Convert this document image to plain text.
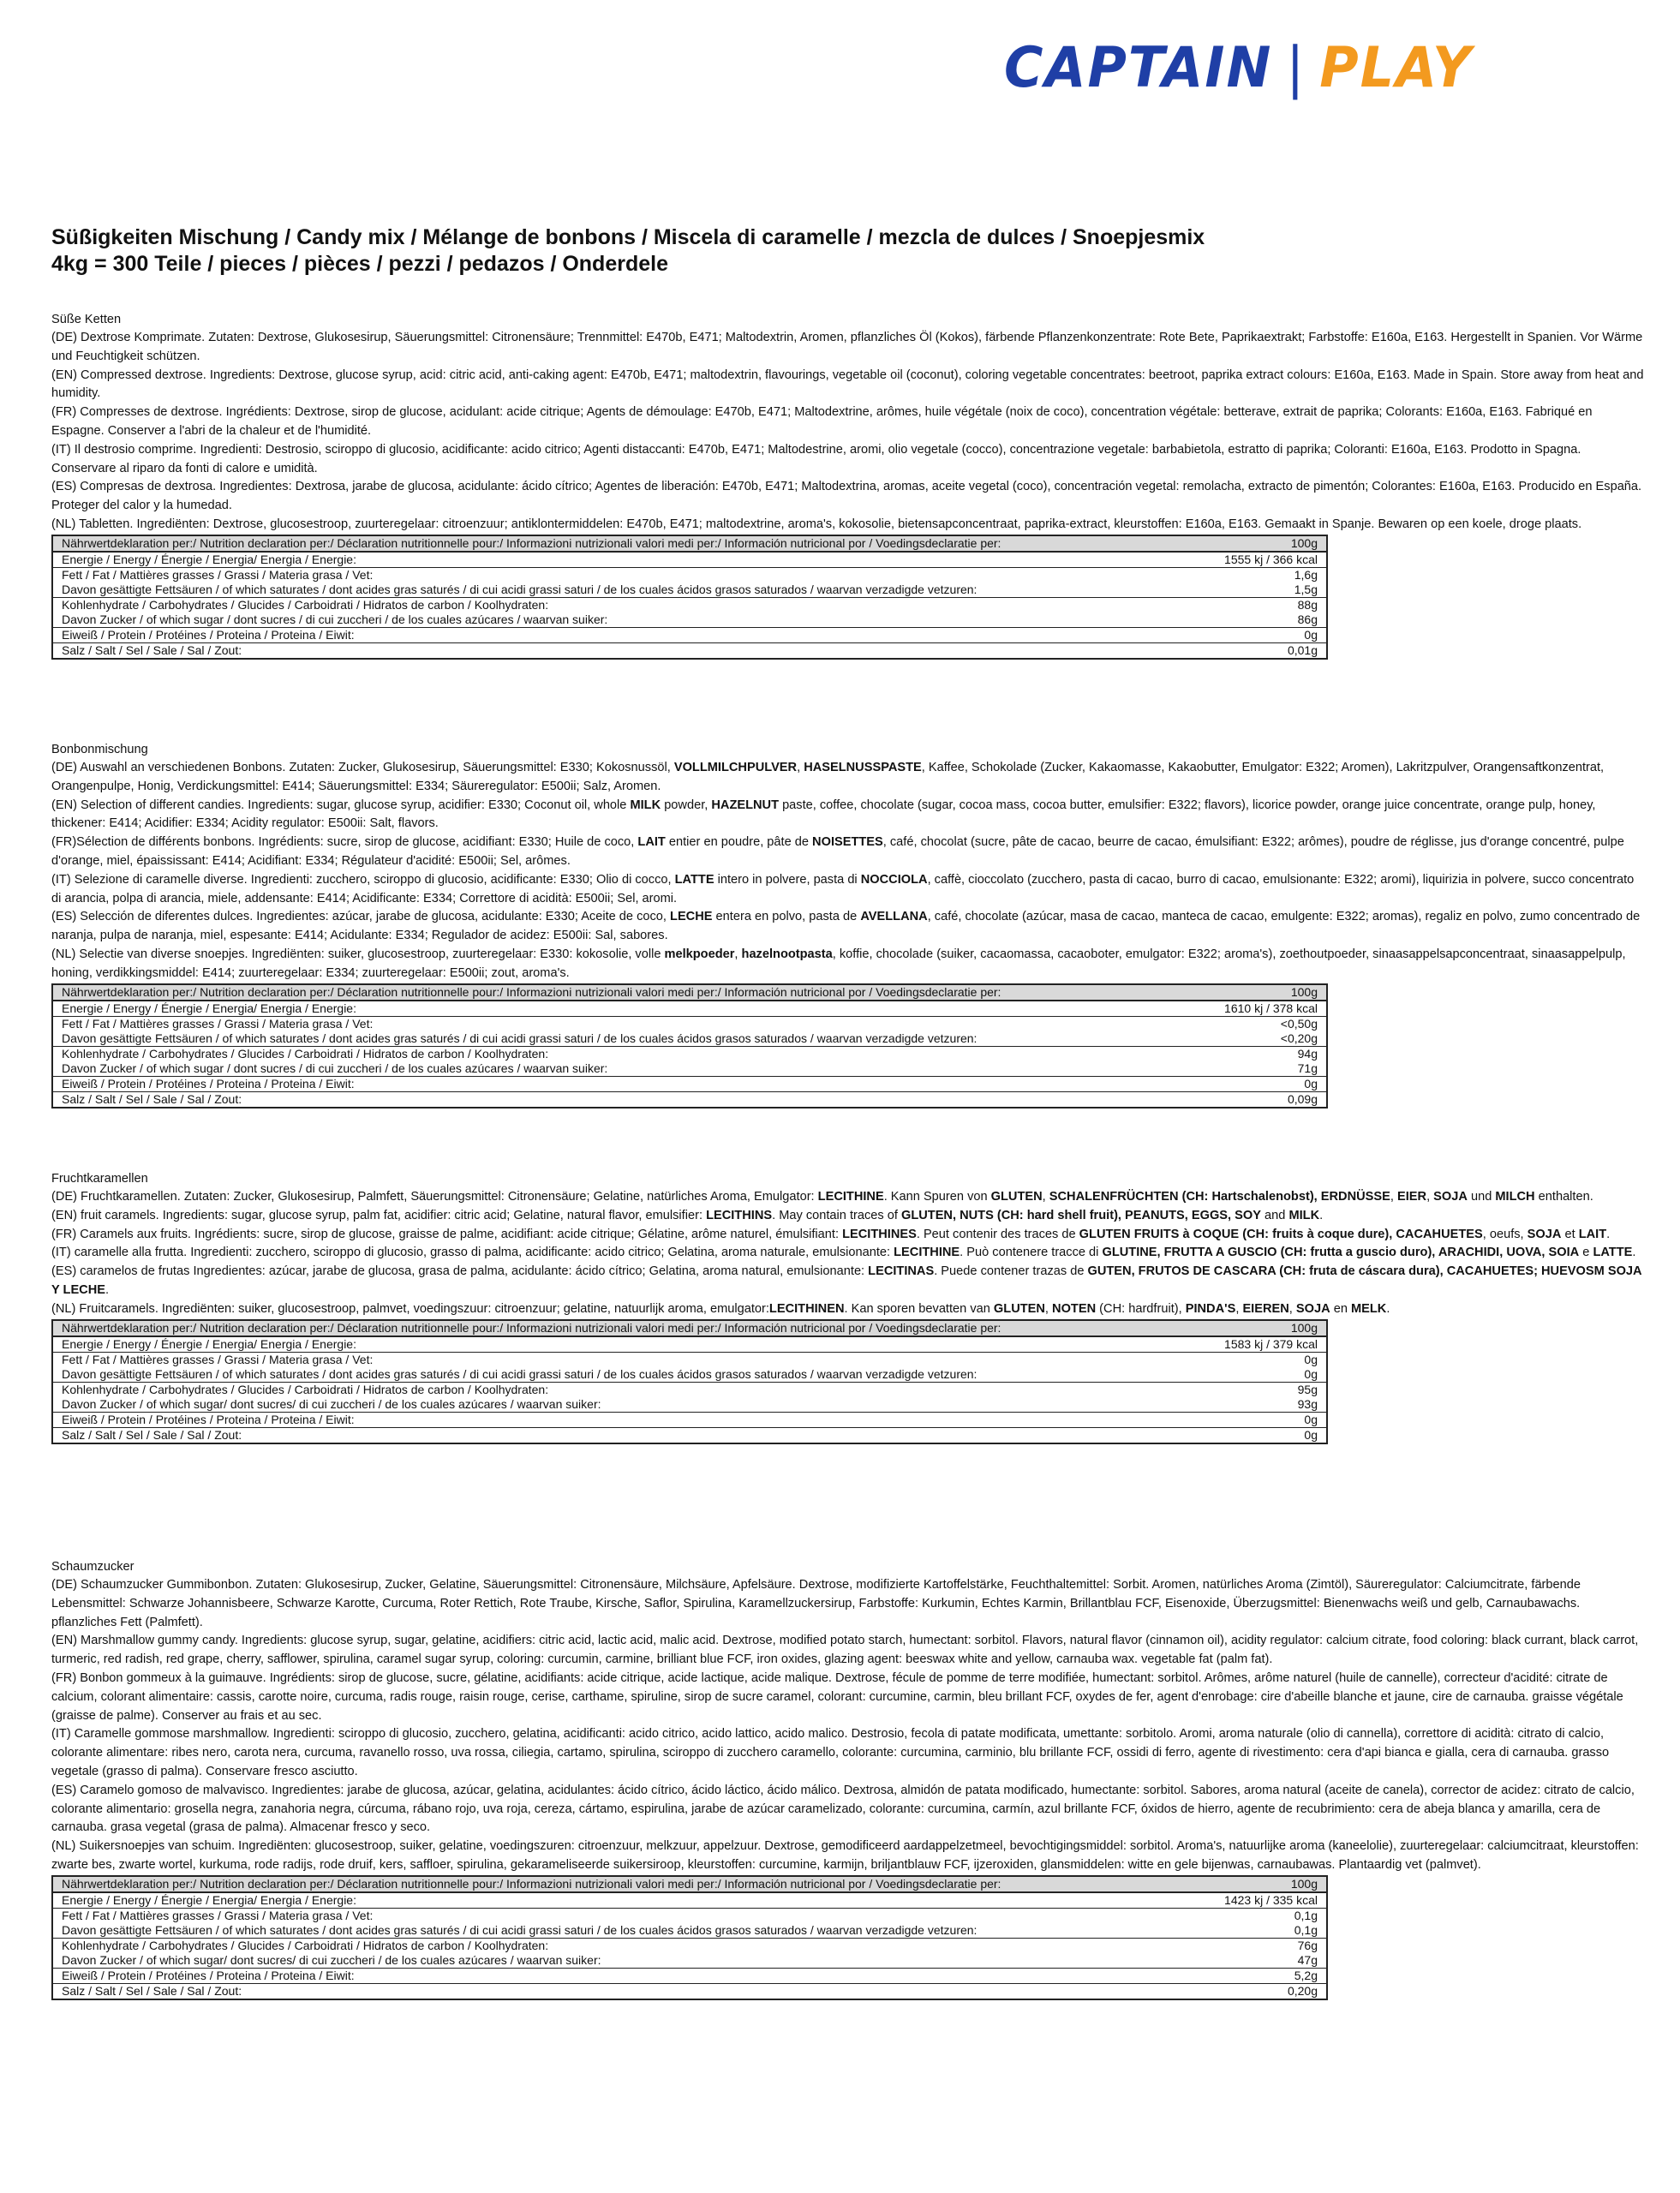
CAPTAIN | PLAY
Süßigkeiten Mischung / Candy mix / Mélange de bonbons / Miscela di caramelle / mezcla de dulces / Snoepjesmix
4kg = 300 Teile / pieces / pièces / pezzi / pedazos / Onderdele
Süße Ketten
(DE) Dextrose Komprimate. Zutaten: Dextrose, Glukosesirup, Säuerungsmittel: Citronensäure; Trennmittel: E470b, E471; Maltodextrin, Aromen, pflanzliches Öl (Kokos), färbende Pflanzenkonzentrate: Rote Bete, Paprikaextrakt; Farbstoffe: E160a, E163. Hergestellt in Spanien. Vor Wärme und Feuchtigkeit schützen.
(EN) Compressed dextrose. Ingredients: Dextrose, glucose syrup, acid: citric acid, anti-caking agent: E470b, E471; maltodextrin, flavourings, vegetable oil (coconut), coloring vegetable concentrates: beetroot, paprika extract colours: E160a, E163. Made in Spain. Store away from heat and humidity.
(FR) Compresses de dextrose. Ingrédients: Dextrose, sirop de glucose, acidulant: acide citrique; Agents de démoulage: E470b, E471; Maltodextrine, arômes, huile végétale (noix de coco), concentration végétale: betterave, extrait de paprika; Colorants: E160a, E163. Fabriqué en Espagne. Conserver a l'abri de la chaleur et de l'humidité.
(IT) Il destrosio comprime. Ingredienti: Destrosio, sciroppo di glucosio, acidificante: acido citrico; Agenti distaccanti: E470b, E471; Maltodestrine, aromi, olio vegetale (cocco), concentrazione vegetale: barbabietola, estratto di paprika; Coloranti: E160a, E163. Prodotto in Spagna. Conservare al riparo da fonti di calore e umidità.
(ES) Compresas de dextrosa. Ingredientes: Dextrosa, jarabe de glucosa, acidulante: ácido cítrico; Agentes de liberación: E470b, E471; Maltodextrina, aromas, aceite vegetal (coco), concentración vegetal: remolacha, extracto de pimentón; Colorantes: E160a, E163. Producido en España. Proteger del calor y la humedad.
(NL) Tabletten. Ingrediënten: Dextrose, glucosestroop, zuurteregelaar: citroenzuur; antiklontermiddelen: E470b, E471; maltodextrine, aroma's, kokosolie, bietensapconcentraat, paprika-extract, kleurstoffen: E160a, E163. Gemaakt in Spanje. Bewaren op een koele, droge plaats.
Nährwertdeklaration per:/ Nutrition declaration per:/ Déclaration nutritionnelle pour:/ Informazioni nutrizionali valori medi per:/ Información nutricional por / Voedingsdeclaratie per:	100g
Energie / Energy / Énergie / Energia/ Energia / Energie:	1555 kj / 366 kcal
Fett / Fat / Mattières grasses / Grassi / Materia grasa / Vet:	1,6g
Davon gesättigte Fettsäuren / of which saturates / dont acides gras saturés / di cui acidi grassi saturi / de los cuales ácidos grasos saturados / waarvan verzadigde vetzuren:	1,5g
Kohlenhydrate / Carbohydrates / Glucides / Carboidrati / Hidratos de carbon / Koolhydraten:	88g
Davon Zucker / of which sugar / dont sucres / di cui zuccheri / de los cuales azúcares / waarvan suiker:	86g
Eiweiß / Protein / Protéines / Proteina / Proteina / Eiwit:	0g
Salz / Salt / Sel / Sale / Sal / Zout:	0,01g
Bonbonmischung
(DE) Auswahl an verschiedenen Bonbons. Zutaten: Zucker, Glukosesirup, Säuerungsmittel: E330; Kokosnussöl, VOLLMILCHPULVER, HASELNUSSPASTE, Kaffee, Schokolade (Zucker, Kakaomasse, Kakaobutter, Emulgator: E322; Aromen), Lakritzpulver, Orangensaftkonzentrat, Orangenpulpe, Honig, Verdickungsmittel: E414; Säuerungsmittel: E334; Säureregulator: E500ii; Salz, Aromen.
(EN) Selection of different candies. Ingredients: sugar, glucose syrup, acidifier: E330; Coconut oil, whole MILK powder, HAZELNUT paste, coffee, chocolate (sugar, cocoa mass, cocoa butter, emulsifier: E322; flavors), licorice powder, orange juice concentrate, orange pulp, honey, thickener: E414; Acidifier: E334; Acidity regulator: E500ii: Salt, flavors.
(FR)Sélection de différents bonbons. Ingrédients: sucre, sirop de glucose, acidifiant: E330; Huile de coco, LAIT entier en poudre, pâte de NOISETTES, café, chocolat (sucre, pâte de cacao, beurre de cacao, émulsifiant: E322; arômes), poudre de réglisse, jus d'orange concentré, pulpe d'orange, miel, épaississant: E414; Acidifiant: E334; Régulateur d'acidité: E500ii; Sel, arômes.
(IT) Selezione di caramelle diverse. Ingredienti: zucchero, sciroppo di glucosio, acidificante: E330; Olio di cocco, LATTE intero in polvere, pasta di NOCCIOLA, caffè, cioccolato (zucchero, pasta di cacao, burro di cacao, emulsionante: E322; aromi), liquirizia in polvere, succo concentrato di arancia, polpa di arancia, miele, addensante: E414; Acidificante: E334; Correttore di acidità: E500ii; Sel, aromi.
(ES) Selección de diferentes dulces. Ingredientes: azúcar, jarabe de glucosa, acidulante: E330; Aceite de coco, LECHE entera en polvo, pasta de AVELLANA, café, chocolate (azúcar, masa de cacao, manteca de cacao, emulgente: E322; aromas), regaliz en polvo, zumo concentrado de naranja, pulpa de naranja, miel, espesante: E414; Acidulante: E334; Regulador de acidez: E500ii: Sal, sabores.
(NL) Selectie van diverse snoepjes. Ingrediënten: suiker, glucosestroop, zuurteregelaar: E330: kokosolie, volle melkpoeder, hazelnootpasta, koffie, chocolade (suiker, cacaomassa, cacaoboter, emulgator: E322; aroma's), zoethoutpoeder, sinaasappelsapconcentraat, sinaasappelpulp, honing, verdikkingsmiddel: E414; zuurteregelaar: E334; zuurteregelaar: E500ii; zout, aroma's.
Nährwertdeklaration per:/ Nutrition declaration per:/ Déclaration nutritionnelle pour:/ Informazioni nutrizionali valori medi per:/ Información nutricional por / Voedingsdeclaratie per:	100g
Energie / Energy / Énergie / Energia/ Energia / Energie:	1610 kj / 378 kcal
Fett / Fat / Mattières grasses / Grassi / Materia grasa / Vet:	<0,50g
Davon gesättigte Fettsäuren / of which saturates / dont acides gras saturés / di cui acidi grassi saturi / de los cuales ácidos grasos saturados / waarvan verzadigde vetzuren:	<0,20g
Kohlenhydrate / Carbohydrates / Glucides / Carboidrati / Hidratos de carbon / Koolhydraten:	94g
Davon Zucker / of which sugar / dont sucres / di cui zuccheri / de los cuales azúcares / waarvan suiker:	71g
Eiweiß / Protein / Protéines / Proteina / Proteina / Eiwit:	0g
Salz / Salt / Sel / Sale / Sal / Zout:	0,09g
Fruchtkaramellen
(DE) Fruchtkaramellen. Zutaten: Zucker, Glukosesirup, Palmfett, Säuerungsmittel: Citronensäure; Gelatine, natürliches Aroma, Emulgator: LECITHINE. Kann Spuren von GLUTEN, SCHALENFRÜCHTEN (CH: Hartschalenobst), ERDNÜSSE, EIER, SOJA und MILCH enthalten.
(EN) fruit caramels. Ingredients: sugar, glucose syrup, palm fat, acidifier: citric acid; Gelatine, natural flavor, emulsifier: LECITHINS. May contain traces of GLUTEN, NUTS (CH: hard shell fruit), PEANUTS, EGGS, SOY and MILK.
(FR) Caramels aux fruits. Ingrédients: sucre, sirop de glucose, graisse de palme, acidifiant: acide citrique; Gélatine, arôme naturel, émulsifiant: LECITHINES. Peut contenir des traces de GLUTEN FRUITS à COQUE (CH: fruits à coque dure), CACAHUETES, oeufs, SOJA et LAIT.
(IT) caramelle alla frutta. Ingredienti: zucchero, sciroppo di glucosio, grasso di palma, acidificante: acido citrico; Gelatina, aroma naturale, emulsionante: LECITHINE. Può contenere tracce di GLUTINE, FRUTTA A GUSCIO (CH: frutta a guscio duro), ARACHIDI, UOVA, SOIA e LATTE.
(ES) caramelos de frutas Ingredientes: azúcar, jarabe de glucosa, grasa de palma, acidulante: ácido cítrico; Gelatina, aroma natural, emulsionante: LECITINAS. Puede contener trazas de GUTEN, FRUTOS DE CASCARA (CH: fruta de cáscara dura), CACAHUETES; HUEVOSM SOJA Y LECHE.
(NL) Fruitcaramels. Ingrediënten: suiker, glucosestroop, palmvet, voedingszuur: citroenzuur; gelatine, natuurlijk aroma, emulgator:LECITHINEN. Kan sporen bevatten van GLUTEN, NOTEN (CH: hardfruit), PINDA'S, EIEREN, SOJA en MELK.
Nährwertdeklaration per:/ Nutrition declaration per:/ Déclaration nutritionnelle pour:/ Informazioni nutrizionali valori medi per:/ Información nutricional por / Voedingsdeclaratie per:	100g
Energie / Energy / Énergie / Energia/ Energia / Energie:	1583 kj / 379 kcal
Fett / Fat / Mattières grasses / Grassi / Materia grasa / Vet:	0g
Davon gesättigte Fettsäuren / of which saturates / dont acides gras saturés / di cui acidi grassi saturi / de los cuales ácidos grasos saturados / waarvan verzadigde vetzuren:	0g
Kohlenhydrate / Carbohydrates / Glucides / Carboidrati / Hidratos de carbon / Koolhydraten:	95g
Davon Zucker / of which sugar/ dont sucres/ di cui zuccheri / de los cuales azúcares / waarvan suiker:	93g
Eiweiß / Protein / Protéines / Proteina / Proteina / Eiwit:	0g
Salz / Salt / Sel / Sale / Sal / Zout:	0g
Schaumzucker
(DE) Schaumzucker Gummibonbon. Zutaten: Glukosesirup, Zucker, Gelatine, Säuerungsmittel: Citronensäure, Milchsäure, Apfelsäure. Dextrose, modifizierte Kartoffelstärke, Feuchthaltemittel: Sorbit. Aromen, natürliches Aroma (Zimtöl), Säureregulator: Calciumcitrate, färbende Lebensmittel: Schwarze Johannisbeere, Schwarze Karotte, Curcuma, Roter Rettich, Rote Traube, Kirsche, Saflor, Spirulina, Karamellzuckersirup, Farbstoffe: Kurkumin, Echtes Karmin, Brillantblau FCF, Eisenoxide, Überzugsmittel: Bienenwachs weiß und gelb, Carnaubawachs. pflanzliches Fett (Palmfett).
(EN) Marshmallow gummy candy. Ingredients: glucose syrup, sugar, gelatine, acidifiers: citric acid, lactic acid, malic acid. Dextrose, modified potato starch, humectant: sorbitol. Flavors, natural flavor (cinnamon oil), acidity regulator: calcium citrate, food coloring: black currant, black carrot, turmeric, red radish, red grape, cherry, safflower, spirulina, caramel sugar syrup, coloring: curcumin, carmine, brilliant blue FCF, iron oxides, glazing agent: beeswax white and yellow, carnauba wax. vegetable fat (palm fat).
(FR) Bonbon gommeux à la guimauve. Ingrédients: sirop de glucose, sucre, gélatine, acidifiants: acide citrique, acide lactique, acide malique. Dextrose, fécule de pomme de terre modifiée, humectant: sorbitol. Arômes, arôme naturel (huile de cannelle), correcteur d'acidité: citrate de calcium, colorant alimentaire: cassis, carotte noire, curcuma, radis rouge, raisin rouge, cerise, carthame, spiruline, sirop de sucre caramel, colorant: curcumine, carmin, bleu brillant FCF, oxydes de fer, agent d'enrobage: cire d'abeille blanche et jaune, cire de carnauba. graisse végétale (graisse de palme). Conserver au frais et au sec.
(IT) Caramelle gommose marshmallow. Ingredienti: sciroppo di glucosio, zucchero, gelatina, acidificanti: acido citrico, acido lattico, acido malico. Destrosio, fecola di patate modificata, umettante: sorbitolo. Aromi, aroma naturale (olio di cannella), correttore di acidità: citrato di calcio, colorante alimentare: ribes nero, carota nera, curcuma, ravanello rosso, uva rossa, ciliegia, cartamo, spirulina, sciroppo di zucchero caramello, colorante: curcumina, carminio, blu brillante FCF, ossidi di ferro, agente di rivestimento: cera d'api bianca e gialla, cera di carnauba. grasso vegetale (grasso di palma). Conservare fresco asciutto.
(ES) Caramelo gomoso de malvavisco. Ingredientes: jarabe de glucosa, azúcar, gelatina, acidulantes: ácido cítrico, ácido láctico, ácido málico. Dextrosa, almidón de patata modificado, humectante: sorbitol. Sabores, aroma natural (aceite de canela), corrector de acidez: citrato de calcio, colorante alimentario: grosella negra, zanahoria negra, cúrcuma, rábano rojo, uva roja, cereza, cártamo, espirulina, jarabe de azúcar caramelizado, colorante: curcumina, carmín, azul brillante FCF, óxidos de hierro, agente de recubrimiento: cera de abeja blanca y amarilla, cera de carnauba. grasa vegetal (grasa de palma). Almacenar fresco y seco.
(NL) Suikersnoepjes van schuim. Ingrediënten: glucosestroop, suiker, gelatine, voedingszuren: citroenzuur, melkzuur, appelzuur. Dextrose, gemodificeerd aardappelzetmeel, bevochtigingsmiddel: sorbitol. Aroma's, natuurlijke aroma (kaneelolie), zuurteregelaar: calciumcitraat, kleurstoffen: zwarte bes, zwarte wortel, kurkuma, rode radijs, rode druif, kers, saffloer, spirulina, gekarameliseerde suikersiroop, kleurstoffen: curcumine, karmijn, briljantblauw FCF, ijzeroxiden, glansmiddelen: witte en gele bijenwas, carnaubawas. Plantaardig vet (palmvet).
Nährwertdeklaration per:/ Nutrition declaration per:/ Déclaration nutritionnelle pour:/ Informazioni nutrizionali valori medi per:/ Información nutricional por / Voedingsdeclaratie per:	100g
Energie / Energy / Énergie / Energia/ Energia / Energie:	1423 kj / 335 kcal
Fett / Fat / Mattières grasses / Grassi / Materia grasa / Vet:	0,1g
Davon gesättigte Fettsäuren / of which saturates / dont acides gras saturés / di cui acidi grassi saturi / de los cuales ácidos grasos saturados / waarvan verzadigde vetzuren:	0,1g
Kohlenhydrate / Carbohydrates / Glucides / Carboidrati / Hidratos de carbon / Koolhydraten:	76g
Davon Zucker / of which sugar/ dont sucres/ di cui zuccheri / de los cuales azúcares / waarvan suiker:	47g
Eiweiß / Protein / Protéines / Proteina / Proteina / Eiwit:	5,2g
Salz / Salt / Sel / Sale / Sal / Zout:	0,20g
